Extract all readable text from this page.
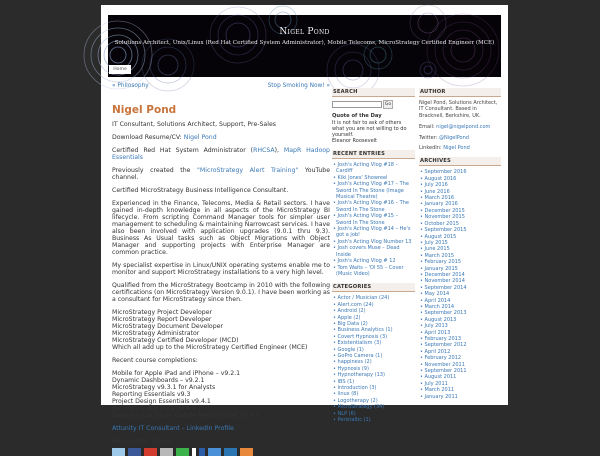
Nigel Pond
Solutions Architect, Unix/Linux (Red Hat Certified System Administrator), Mobile Telecoms, MicroStrategy Certified Engineer (MCE)
Home
« Philosophy	Stop Smoking Now! »
Nigel Pond

IT Consultant, Solutions Architect, Support, Pre-Sales

Download Resume/CV: Nigel Pond

Certified Red Hat System Administrator (RHCSA), MapR Hadoop Essentials

Previously created the "MicroStrategy Alert Training" YouTube channel.

Certified MicroStrategy Business Intelligence Consultant.

Experienced in the Finance, Telecoms, Media & Retail sectors. I have gained in-depth knowledge in all aspects of the MicroStrategy BI lifecycle. From scripting Command Manager tools for simpler user management to scheduling & maintaining Narrowcast services. I have also been involved with application upgrades (9.0.1 thru 9.3). Business As Usual tasks such as Object Migrations with Object Manager and supporting projects with Enterprise Manager are common practice.

My specialist expertise in Linux/UNIX operating systems enable me to monitor and support MicroStrategy installations to a very high level.

Qualified from the MicroStrategy Bootcamp in 2010 with the following certifications (on MicroStrategy Version 9.0.1). I have been working as a consultant for MicroStrategy since then.

MicroStrategy Project Developer
MicroStrategy Report Developer
MicroStrategy Document Developer
MicroStrategy Administrator
MicroStrategy Certified Developer (MCD)
Which all add up to the MicroStrategy Certified Engineer (MCE)

Recent course completions:

Mobile for Apple iPad and iPhone – v9.2.1
Dynamic Dashboards – v9.2.1
MicroStrategy v9.3.1 for Analysts
Reporting Essentials v9.3
Project Design Essentials v9.4.1
Hot Topics: Big Data v9.4.1
Deploy & Configure Google Maps Widget v9.4.1

Attunity IT Consultant – LinkedIn Profile

Be Sociable, Share!
SEARCH
Go
Quote of the Day
It is not fair to ask of others what you are not willing to do yourself.
Eleanor Roosevelt
RECENT ENTRIES
• Josh's Acting Vlog #18 – Cardiff
• Kiki Jones' Showreel
• Josh's Acting Vlog #17 – The Sword In The Stone (Image Musical Theatre)
• Josh's Acting Vlog #16 – The Sword In The Stone
• Josh's Acting Vlog #15 – Sword In The Stone
• Josh's Acting Vlog #14 – He's got a job!
• Josh's Acting Vlog Number 13
• Josh covers Muse – Dead Inside
• Josh's Acting Vlog # 12
• Tom Waits – 'Ol 55 – Cover (Music Video)
CATEGORIES
• Actor / Musician (24)
• Alert.com (24)
• Android (2)
• Apple (2)
• Big Data (2)
• Business Analytics (1)
• Covert Hypnosis (3)
• Existentialism (3)
• Google (1)
• GoPro Camera (1)
• happiness (2)
• Hypnosis (9)
• Hypnotherapy (13)
• IBS (1)
• Introduction (3)
• linux (8)
• Logotherapy (2)
• MicroStrategy (34)
• NLP (6)
• Peristaltic (1)
AUTHOR
Nigel Pond, Solutions Architect, IT Consultant. Based in Bracknell, Berkshire, UK.
Email: nigel@nigelpond.com
Twitter: @NigelPond
LinkedIn: Nigel Pond
ARCHIVES
• September 2016
• August 2016
• July 2016
• June 2016
• March 2016
• January 2016
• December 2015
• November 2015
• October 2015
• September 2015
• August 2015
• July 2015
• June 2015
• March 2015
• February 2015
• January 2015
• December 2014
• November 2014
• September 2014
• May 2014
• April 2014
• March 2014
• September 2013
• August 2013
• July 2013
• April 2013
• February 2013
• September 2012
• April 2012
• February 2012
• November 2011
• September 2011
• August 2011
• July 2011
• March 2011
• January 2011
